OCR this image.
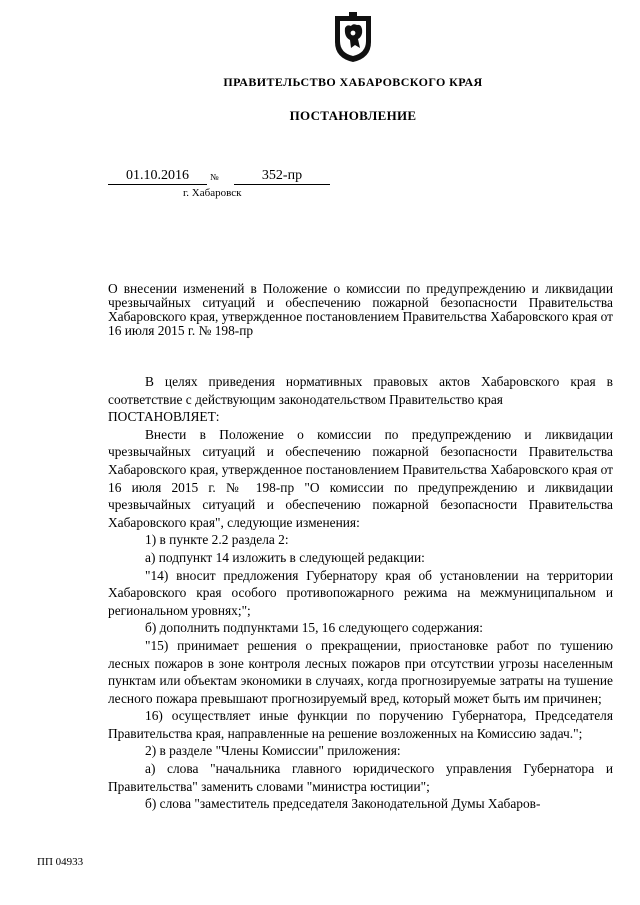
ПРАВИТЕЛЬСТВО ХАБАРОВСКОГО КРАЯ
ПОСТАНОВЛЕНИЕ
01.10.2016	№	352-пр
г. Хабаровск
О внесении изменений в Положение о комиссии по предупреждению и ликвидации чрезвычайных ситуаций и обеспечению пожарной безопасности Правительства Хабаровского края, утвержденное постановлением Правительства Хабаровского края от 16 июля 2015 г. № 198-пр

В целях приведения нормативных правовых актов Хабаровского края в соответствие с действующим законодательством Правительство края

ПОСТАНОВЛЯЕТ:

Внести в Положение о комиссии по предупреждению и ликвидации чрезвычайных ситуаций и обеспечению пожарной безопасности Правительства Хабаровского края, утвержденное постановлением Правительства Хабаровского края от 16 июля 2015 г. № 198-пр "О комиссии по предупреждению и ликвидации чрезвычайных ситуаций и обеспечению пожарной безопасности Правительства Хабаровского края", следующие изменения:

1) в пункте 2.2 раздела 2:

а) подпункт 14 изложить в следующей редакции:

"14) вносит предложения Губернатору края об установлении на территории Хабаровского края особого противопожарного режима на межмуниципальном и региональном уровнях;";

б) дополнить подпунктами 15, 16 следующего содержания:

"15) принимает решения о прекращении, приостановке работ по тушению лесных пожаров в зоне контроля лесных пожаров при отсутствии угрозы населенным пунктам или объектам экономики в случаях, когда прогнозируемые затраты на тушение лесного пожара превышают прогнозируемый вред, который может быть им причинен;

16) осуществляет иные функции по поручению Губернатора, Председателя Правительства края, направленные на решение возложенных на Комиссию задач.";

2) в разделе "Члены Комиссии" приложения:

а) слова "начальника главного юридического управления Губернатора и Правительства" заменить словами "министра юстиции";

б) слова "заместитель председателя Законодательной Думы Хабаров-

ПП 04933
